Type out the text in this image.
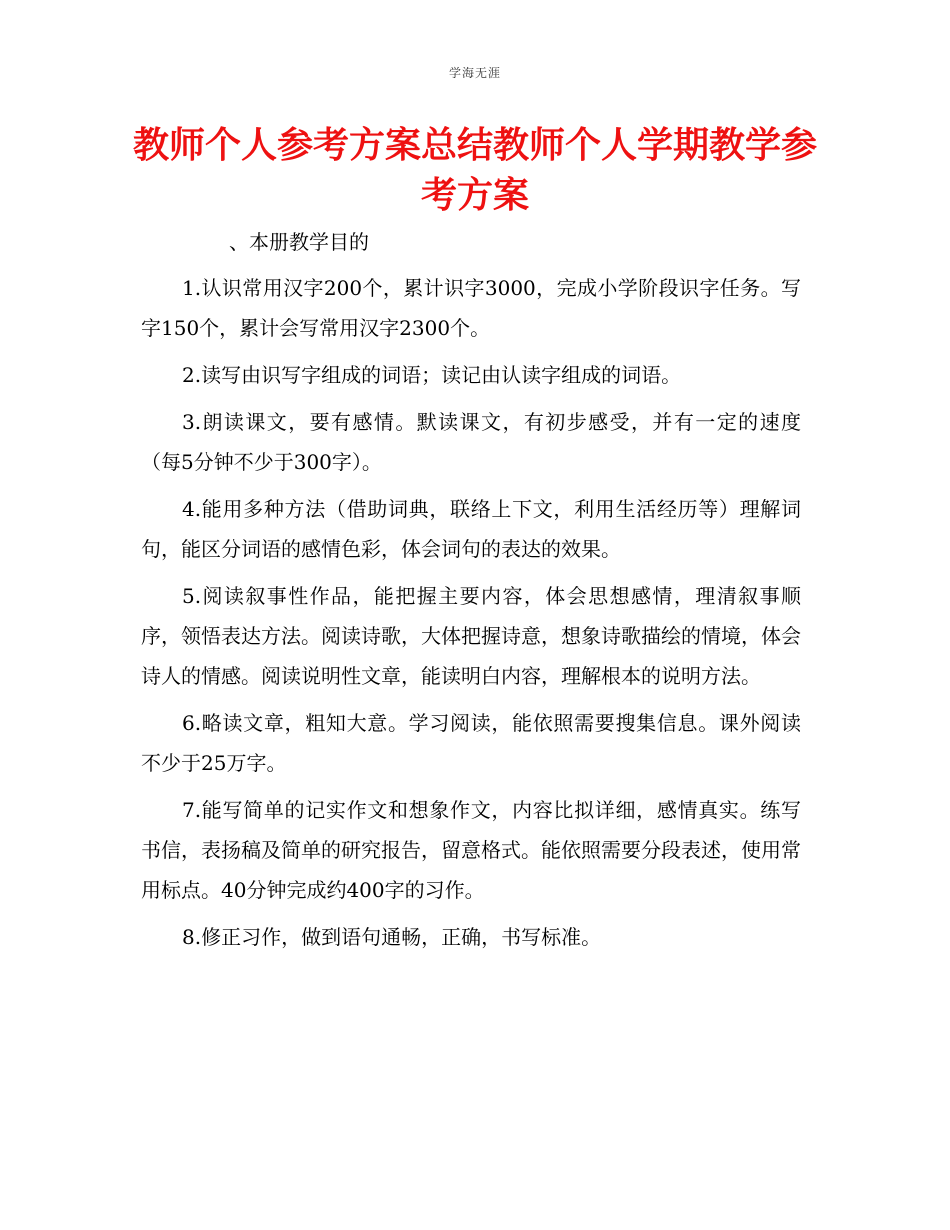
学海无涯
教师个人参考方案总结教师个人学期教学参考方案

、本册教学目的

1.认识常用汉字200个，累计识字3000，完成小学阶段识字任务。写字150个，累计会写常用汉字2300个。

2.读写由识写字组成的词语；读记由认读字组成的词语。

3.朗读课文，要有感情。默读课文，有初步感受，并有一定的速度（每5分钟不少于300字）。

4.能用多种方法（借助词典，联络上下文，利用生活经历等）理解词句，能区分词语的感情色彩，体会词句的表达的效果。

5.阅读叙事性作品，能把握主要内容，体会思想感情，理清叙事顺序，领悟表达方法。阅读诗歌，大体把握诗意，想象诗歌描绘的情境，体会诗人的情感。阅读说明性文章，能读明白内容，理解根本的说明方法。

6.略读文章，粗知大意。学习阅读，能依照需要搜集信息。课外阅读不少于25万字。

7.能写简单的记实作文和想象作文，内容比拟详细，感情真实。练写书信，表扬稿及简单的研究报告，留意格式。能依照需要分段表述，使用常用标点。40分钟完成约400字的习作。

8.修正习作，做到语句通畅，正确，书写标准。
